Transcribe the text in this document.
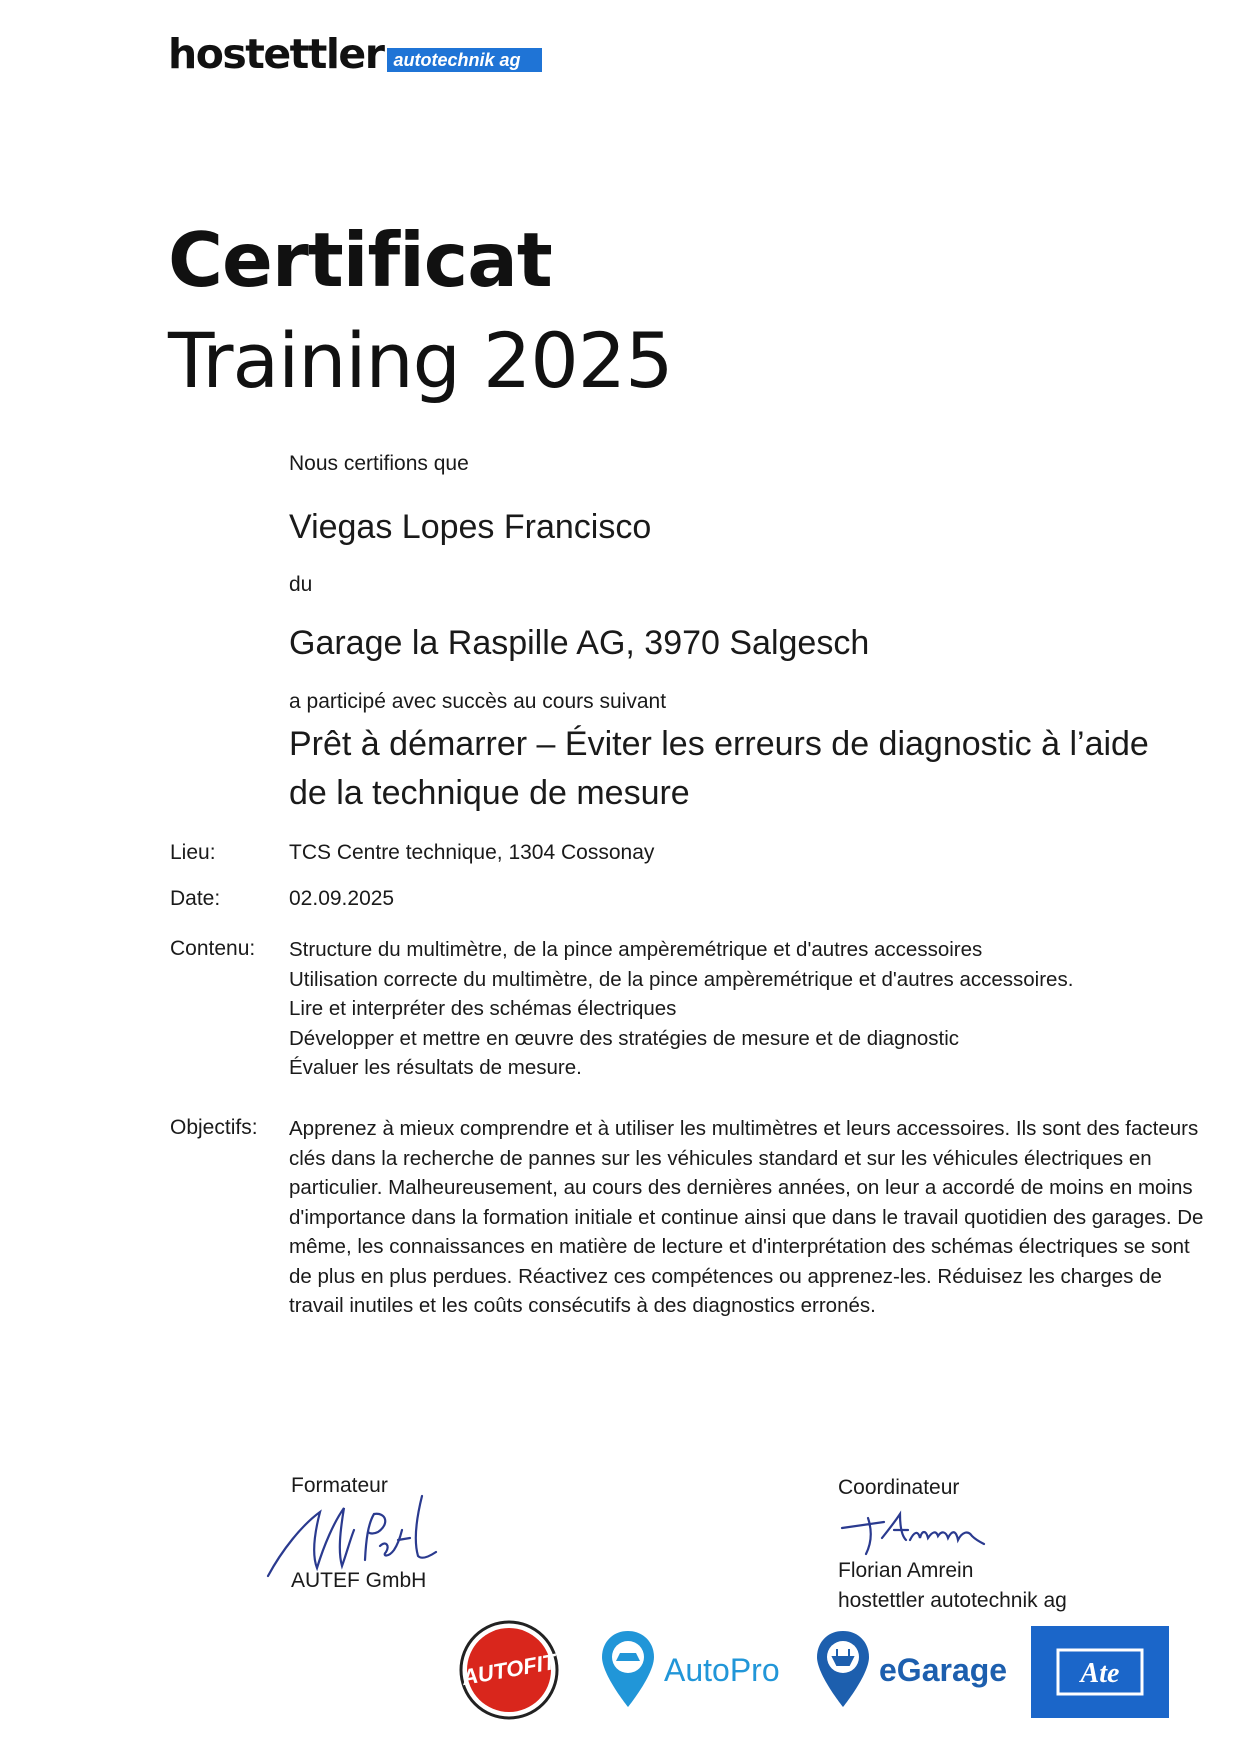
hostettler autotechnik ag
Certificat
Training 2025
Nous certifions que
Viegas Lopes Francisco
du
Garage la Raspille AG, 3970 Salgesch
a participé avec succès au cours suivant
Prêt à démarrer – Éviter les erreurs de diagnostic à l’aide de la technique de mesure
Lieu:	TCS Centre technique, 1304 Cossonay
Date:	02.09.2025
Contenu: Structure du multimètre, de la pince ampèremétrique et d'autres accessoires
Utilisation correcte du multimètre, de la pince ampèremétrique et d'autres accessoires.
Lire et interpréter des schémas électriques
Développer et mettre en œuvre des stratégies de mesure et de diagnostic
Évaluer les résultats de mesure.
Objectifs: Apprenez à mieux comprendre et à utiliser les multimètres et leurs accessoires. Ils sont des facteurs clés dans la recherche de pannes sur les véhicules standard et sur les véhicules électriques en particulier. Malheureusement, au cours des dernières années, on leur a accordé de moins en moins d'importance dans la formation initiale et continue ainsi que dans le travail quotidien des garages. De même, les connaissances en matière de lecture et d'interprétation des schémas électriques se sont de plus en plus perdues. Réactivez ces compétences ou apprenez-les. Réduisez les charges de travail inutiles et les coûts consécutifs à des diagnostics erronés.
Formateur
AUTEF GmbH
Coordinateur
Florian Amrein
hostettler autotechnik ag
AUTOFIT	AutoPro	eGarage	Ate
